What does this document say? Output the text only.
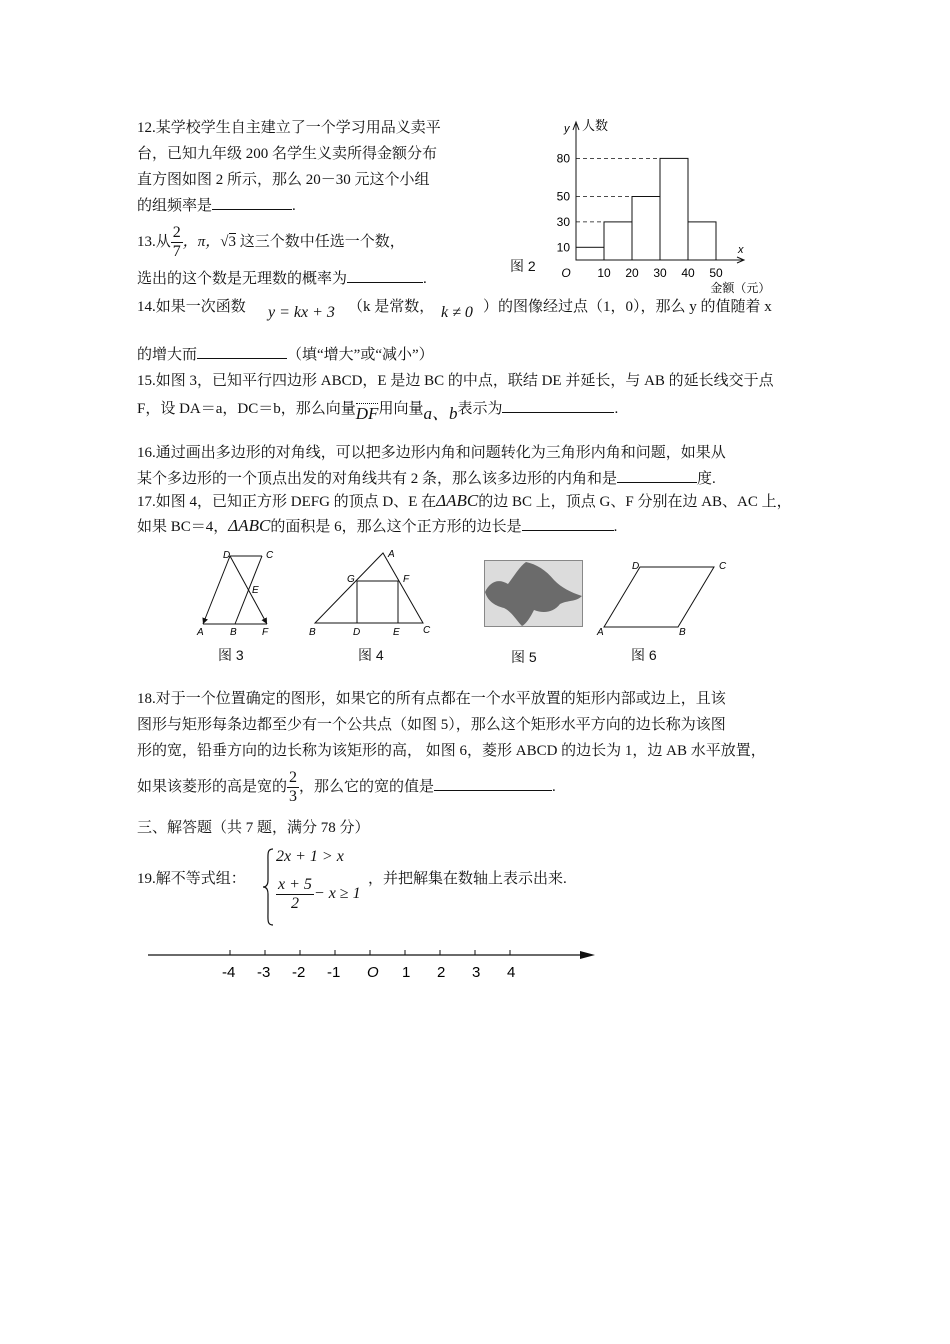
12.某学校学生自主建立了一个学习用品义卖平
台，已知九年级 200 名学生义卖所得金额分布
直方图如图 2 所示，那么 20－30 元这个小组
的组频率是	.
13.从 $\frac{2}{7}$ ，π，√3 这三个数中任选一个数，
选出的这个数是无理数的概率为	.
14.如果一次函数 y = kx + 3 （k 是常数， k ≠ 0 ）的图像经过点（1，0），那么 y 的值随着 x
的增大而	（填“增大”或“减小”）
15.如图 3，已知平行四边形 ABCD，E 是边 BC 的中点，联结 DE 并延长，与 AB 的延长线交于点
F，设 DA＝a，DC＝b，那么向量DF用向量a、b表示为	.
16.通过画出多边形的对角线，可以把多边形内角和问题转化为三角形内角和问题，如果从
某个多边形的一个顶点出发的对角线共有 2 条，那么该多边形的内角和是	度.
17.如图 4，已知正方形 DEFG 的顶点 D、E 在ΔABC的边 BC 上，顶点 G、F 分别在边 AB、AC 上，
如果 BC＝4，ΔABC的面积是 6，那么这个正方形的边长是	.
10
30
50
80
10 20 30 40 50
O
y 人数
x
金额（元）
图 2
D	C
E
A	B	F
图 3
A
G	F
B	D	E C
图 4	图 5
D	C
A	B
图 6
18.对于一个位置确定的图形，如果它的所有点都在一个水平放置的矩形内部或边上，且该
图形与矩形每条边都至少有一个公共点（如图 5），那么这个矩形水平方向的边长称为该图
形的宽，铅垂方向的边长称为该矩形的高， 如图 6，菱形 ABCD 的边长为 1，边 AB 水平放置，
如果该菱形的高是宽的 $\frac{2}{3}$ ，那么它的宽的值是	.
三、解答题（共 7 题，满分 78 分）
19.解不等式组：
2x + 1 > x
$\frac{x + 5}{2} - x \ge 1$
，并把解集在数轴上表示出来.
-4 -3 -2 -1 O 1 2 3 4
